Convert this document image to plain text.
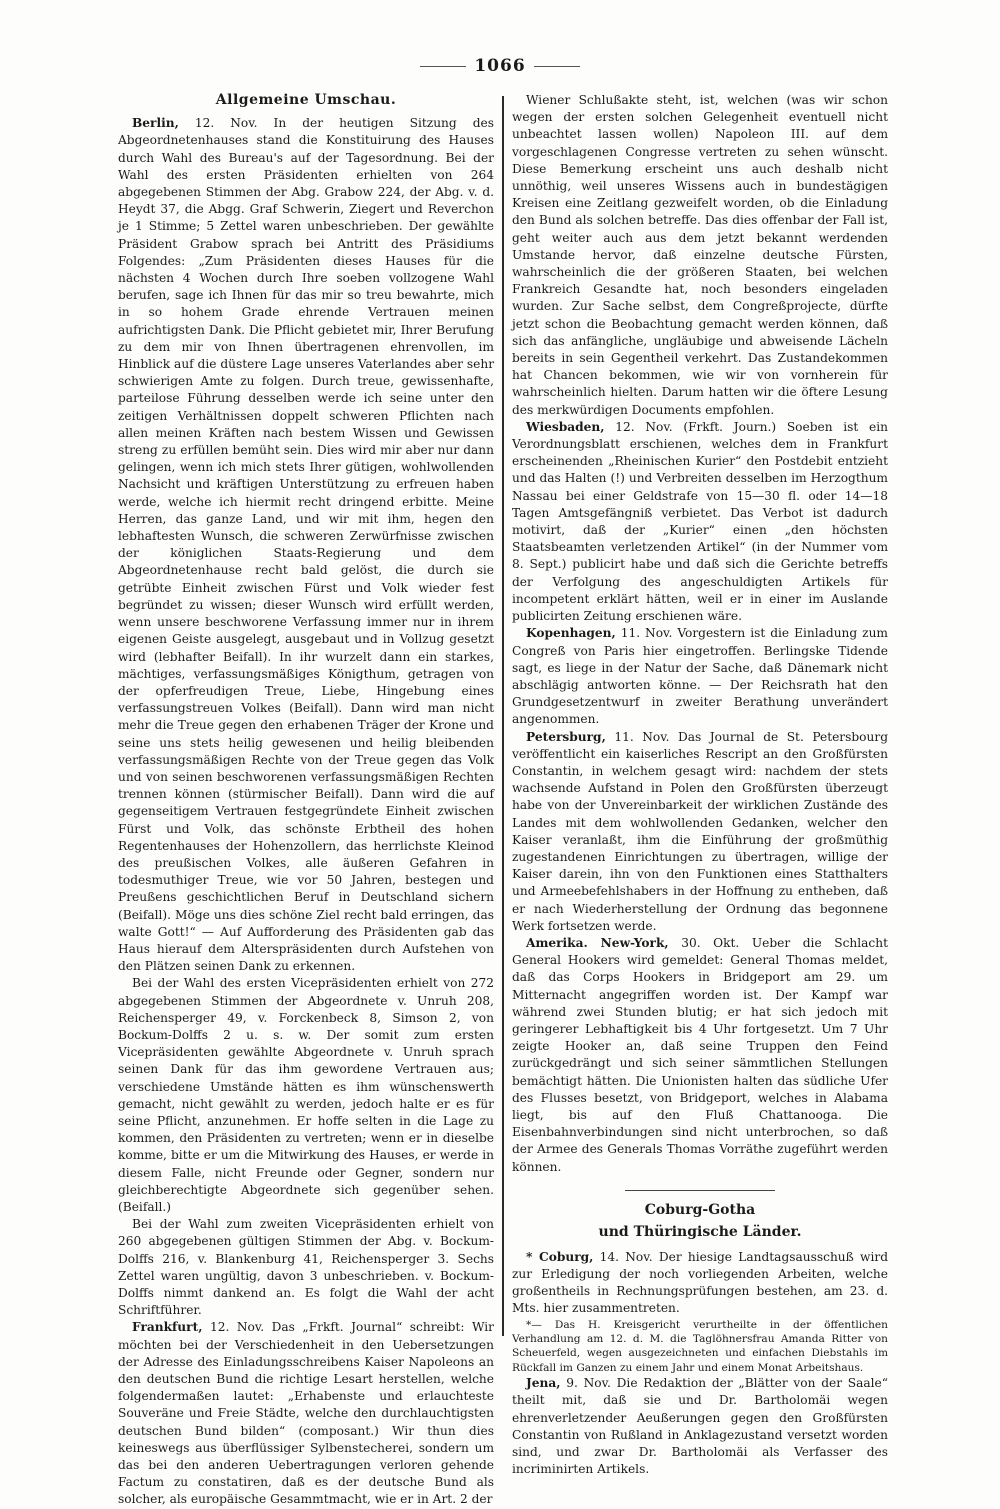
1066
Allgemeine Umschau.

Berlin, 12. Nov. In der heutigen Sitzung des Abgeordnetenhauses stand die Konstituirung des Hauses durch Wahl des Bureau's auf der Tagesordnung. Bei der Wahl des ersten Präsidenten erhielten von 264 abgegebenen Stimmen der Abg. Grabow 224, der Abg. v. d. Heydt 37, die Abgg. Graf Schwerin, Ziegert und Reverchon je 1 Stimme; 5 Zettel waren unbeschrieben. Der gewählte Präsident Grabow sprach bei Antritt des Präsidiums Folgendes: „Zum Präsidenten dieses Hauses für die nächsten 4 Wochen durch Ihre soeben vollzogene Wahl berufen, sage ich Ihnen für das mir so treu bewahrte, mich in so hohem Grade ehrende Vertrauen meinen aufrichtigsten Dank. Die Pflicht gebietet mir, Ihrer Berufung zu dem mir von Ihnen übertragenen ehrenvollen, im Hinblick auf die düstere Lage unseres Vaterlandes aber sehr schwierigen Amte zu folgen. Durch treue, gewissenhafte, parteilose Führung desselben werde ich seine unter den zeitigen Verhältnissen doppelt schweren Pflichten nach allen meinen Kräften nach bestem Wissen und Gewissen streng zu erfüllen bemüht sein. Dies wird mir aber nur dann gelingen, wenn ich mich stets Ihrer gütigen, wohlwollenden Nachsicht und kräftigen Unterstützung zu erfreuen haben werde, welche ich hiermit recht dringend erbitte. Meine Herren, das ganze Land, und wir mit ihm, hegen den lebhaftesten Wunsch, die schweren Zerwürfnisse zwischen der königlichen Staats-Regierung und dem Abgeordnetenhause recht bald gelöst, die durch sie getrübte Einheit zwischen Fürst und Volk wieder fest begründet zu wissen; dieser Wunsch wird erfüllt werden, wenn unsere beschworene Verfassung immer nur in ihrem eigenen Geiste ausgelegt, ausgebaut und in Vollzug gesetzt wird (lebhafter Beifall). In ihr wurzelt dann ein starkes, mächtiges, verfassungsmäßiges Königthum, getragen von der opferfreudigen Treue, Liebe, Hingebung eines verfassungstreuen Volkes (Beifall). Dann wird man nicht mehr die Treue gegen den erhabenen Träger der Krone und seine uns stets heilig gewesenen und heilig bleibenden verfassungsmäßigen Rechte von der Treue gegen das Volk und von seinen beschworenen verfassungsmäßigen Rechten trennen können (stürmischer Beifall). Dann wird die auf gegenseitigem Vertrauen festgegründete Einheit zwischen Fürst und Volk, das schönste Erbtheil des hohen Regentenhauses der Hohenzollern, das herrlichste Kleinod des preußischen Volkes, alle äußeren Gefahren in todesmuthiger Treue, wie vor 50 Jahren, bestegen und Preußens geschichtlichen Beruf in Deutschland sichern (Beifall). Möge uns dies schöne Ziel recht bald erringen, das walte Gott!“ — Auf Aufforderung des Präsidenten gab das Haus hierauf dem Alterspräsidenten durch Aufstehen von den Plätzen seinen Dank zu erkennen.

Bei der Wahl des ersten Vicepräsidenten erhielt von 272 abgegebenen Stimmen der Abgeordnete v. Unruh 208, Reichensperger 49, v. Forckenbeck 8, Simson 2, von Bockum-Dolffs 2 u. s. w. Der somit zum ersten Vicepräsidenten gewählte Abgeordnete v. Unruh sprach seinen Dank für das ihm gewordene Vertrauen aus; verschiedene Umstände hätten es ihm wünschenswerth gemacht, nicht gewählt zu werden, jedoch halte er es für seine Pflicht, anzunehmen. Er hoffe selten in die Lage zu kommen, den Präsidenten zu vertreten; wenn er in dieselbe komme, bitte er um die Mitwirkung des Hauses, er werde in diesem Falle, nicht Freunde oder Gegner, sondern nur gleichberechtigte Abgeordnete sich gegenüber sehen. (Beifall.)

Bei der Wahl zum zweiten Vicepräsidenten erhielt von 260 abgegebenen gültigen Stimmen der Abg. v. Bockum-Dolffs 216, v. Blankenburg 41, Reichensperger 3. Sechs Zettel waren ungültig, davon 3 unbeschrieben. v. Bockum-Dolffs nimmt dankend an. Es folgt die Wahl der acht Schriftführer.

Frankfurt, 12. Nov. Das „Frkft. Journal“ schreibt: Wir möchten bei der Verschiedenheit in den Uebersetzungen der Adresse des Einladungsschreibens Kaiser Napoleons an den deutschen Bund die richtige Lesart herstellen, welche folgendermaßen lautet: „Erhabenste und erlauchteste Souveräne und Freie Städte, welche den durchlauchtigsten deutschen Bund bilden“ (composant.) Wir thun dies keineswegs aus überflüssiger Sylbenstecherei, sondern um das bei den anderen Uebertragungen verloren gehende Factum zu constatiren, daß es der deutsche Bund als solcher, als europäische Gesammtmacht, wie er in Art. 2 der

Wiener Schlußakte steht, ist, welchen (was wir schon wegen der ersten solchen Gelegenheit eventuell nicht unbeachtet lassen wollen) Napoleon III. auf dem vorgeschlagenen Congresse vertreten zu sehen wünscht. Diese Bemerkung erscheint uns auch deshalb nicht unnöthig, weil unseres Wissens auch in bundestägigen Kreisen eine Zeitlang gezweifelt worden, ob die Einladung den Bund als solchen betreffe. Das dies offenbar der Fall ist, geht weiter auch aus dem jetzt bekannt werdenden Umstande hervor, daß einzelne deutsche Fürsten, wahrscheinlich die der größeren Staaten, bei welchen Frankreich Gesandte hat, noch besonders eingeladen wurden. Zur Sache selbst, dem Congreßprojecte, dürfte jetzt schon die Beobachtung gemacht werden können, daß sich das anfängliche, ungläubige und abweisende Lächeln bereits in sein Gegentheil verkehrt. Das Zustandekommen hat Chancen bekommen, wie wir von vornherein für wahrscheinlich hielten. Darum hatten wir die öftere Lesung des merkwürdigen Documents empfohlen.

Wiesbaden, 12. Nov. (Frkft. Journ.) Soeben ist ein Verordnungsblatt erschienen, welches dem in Frankfurt erscheinenden „Rheinischen Kurier“ den Postdebit entzieht und das Halten (!) und Verbreiten desselben im Herzogthum Nassau bei einer Geldstrafe von 15—30 fl. oder 14—18 Tagen Amtsgefängniß verbietet. Das Verbot ist dadurch motivirt, daß der „Kurier“ einen „den höchsten Staatsbeamten verletzenden Artikel“ (in der Nummer vom 8. Sept.) publicirt habe und daß sich die Gerichte betreffs der Verfolgung des angeschuldigten Artikels für incompetent erklärt hätten, weil er in einer im Auslande publicirten Zeitung erschienen wäre.

Kopenhagen, 11. Nov. Vorgestern ist die Einladung zum Congreß von Paris hier eingetroffen. Berlingske Tidende sagt, es liege in der Natur der Sache, daß Dänemark nicht abschlägig antworten könne. — Der Reichsrath hat den Grundgesetzentwurf in zweiter Berathung unverändert angenommen.

Petersburg, 11. Nov. Das Journal de St. Petersbourg veröffentlicht ein kaiserliches Rescript an den Großfürsten Constantin, in welchem gesagt wird: nachdem der stets wachsende Aufstand in Polen den Großfürsten überzeugt habe von der Unvereinbarkeit der wirklichen Zustände des Landes mit dem wohlwollenden Gedanken, welcher den Kaiser veranlaßt, ihm die Einführung der großmüthig zugestandenen Einrichtungen zu übertragen, willige der Kaiser darein, ihn von den Funktionen eines Statthalters und Armeebefehlshabers in der Hoffnung zu entheben, daß er nach Wiederherstellung der Ordnung das begonnene Werk fortsetzen werde.

Amerika. New-York, 30. Okt. Ueber die Schlacht General Hookers wird gemeldet: General Thomas meldet, daß das Corps Hookers in Bridgeport am 29. um Mitternacht angegriffen worden ist. Der Kampf war während zwei Stunden blutig; er hat sich jedoch mit geringerer Lebhaftigkeit bis 4 Uhr fortgesetzt. Um 7 Uhr zeigte Hooker an, daß seine Truppen den Feind zurückgedrängt und sich seiner sämmtlichen Stellungen bemächtigt hätten. Die Unionisten halten das südliche Ufer des Flusses besetzt, von Bridgeport, welches in Alabama liegt, bis auf den Fluß Chattanooga. Die Eisenbahnverbindungen sind nicht unterbrochen, so daß der Armee des Generals Thomas Vorräthe zugeführt werden können.

Coburg-Gotha
und Thüringische Länder.

* Coburg, 14. Nov. Der hiesige Landtagsausschuß wird zur Erledigung der noch vorliegenden Arbeiten, welche großentheils in Rechnungsprüfungen bestehen, am 23. d. Mts. hier zusammentreten.

*— Das H. Kreisgericht verurtheilte in der öffentlichen Verhandlung am 12. d. M. die Taglöhnersfrau Amanda Ritter von Scheuerfeld, wegen ausgezeichneten und einfachen Diebstahls im Rückfall im Ganzen zu einem Jahr und einem Monat Arbeitshaus.

Jena, 9. Nov. Die Redaktion der „Blätter von der Saale“ theilt mit, daß sie und Dr. Bartholomäi wegen ehrenverletzender Aeußerungen gegen den Großfürsten Constantin von Rußland in Anklagezustand versetzt worden sind, und zwar Dr. Bartholomäi als Verfasser des incriminirten Artikels.
